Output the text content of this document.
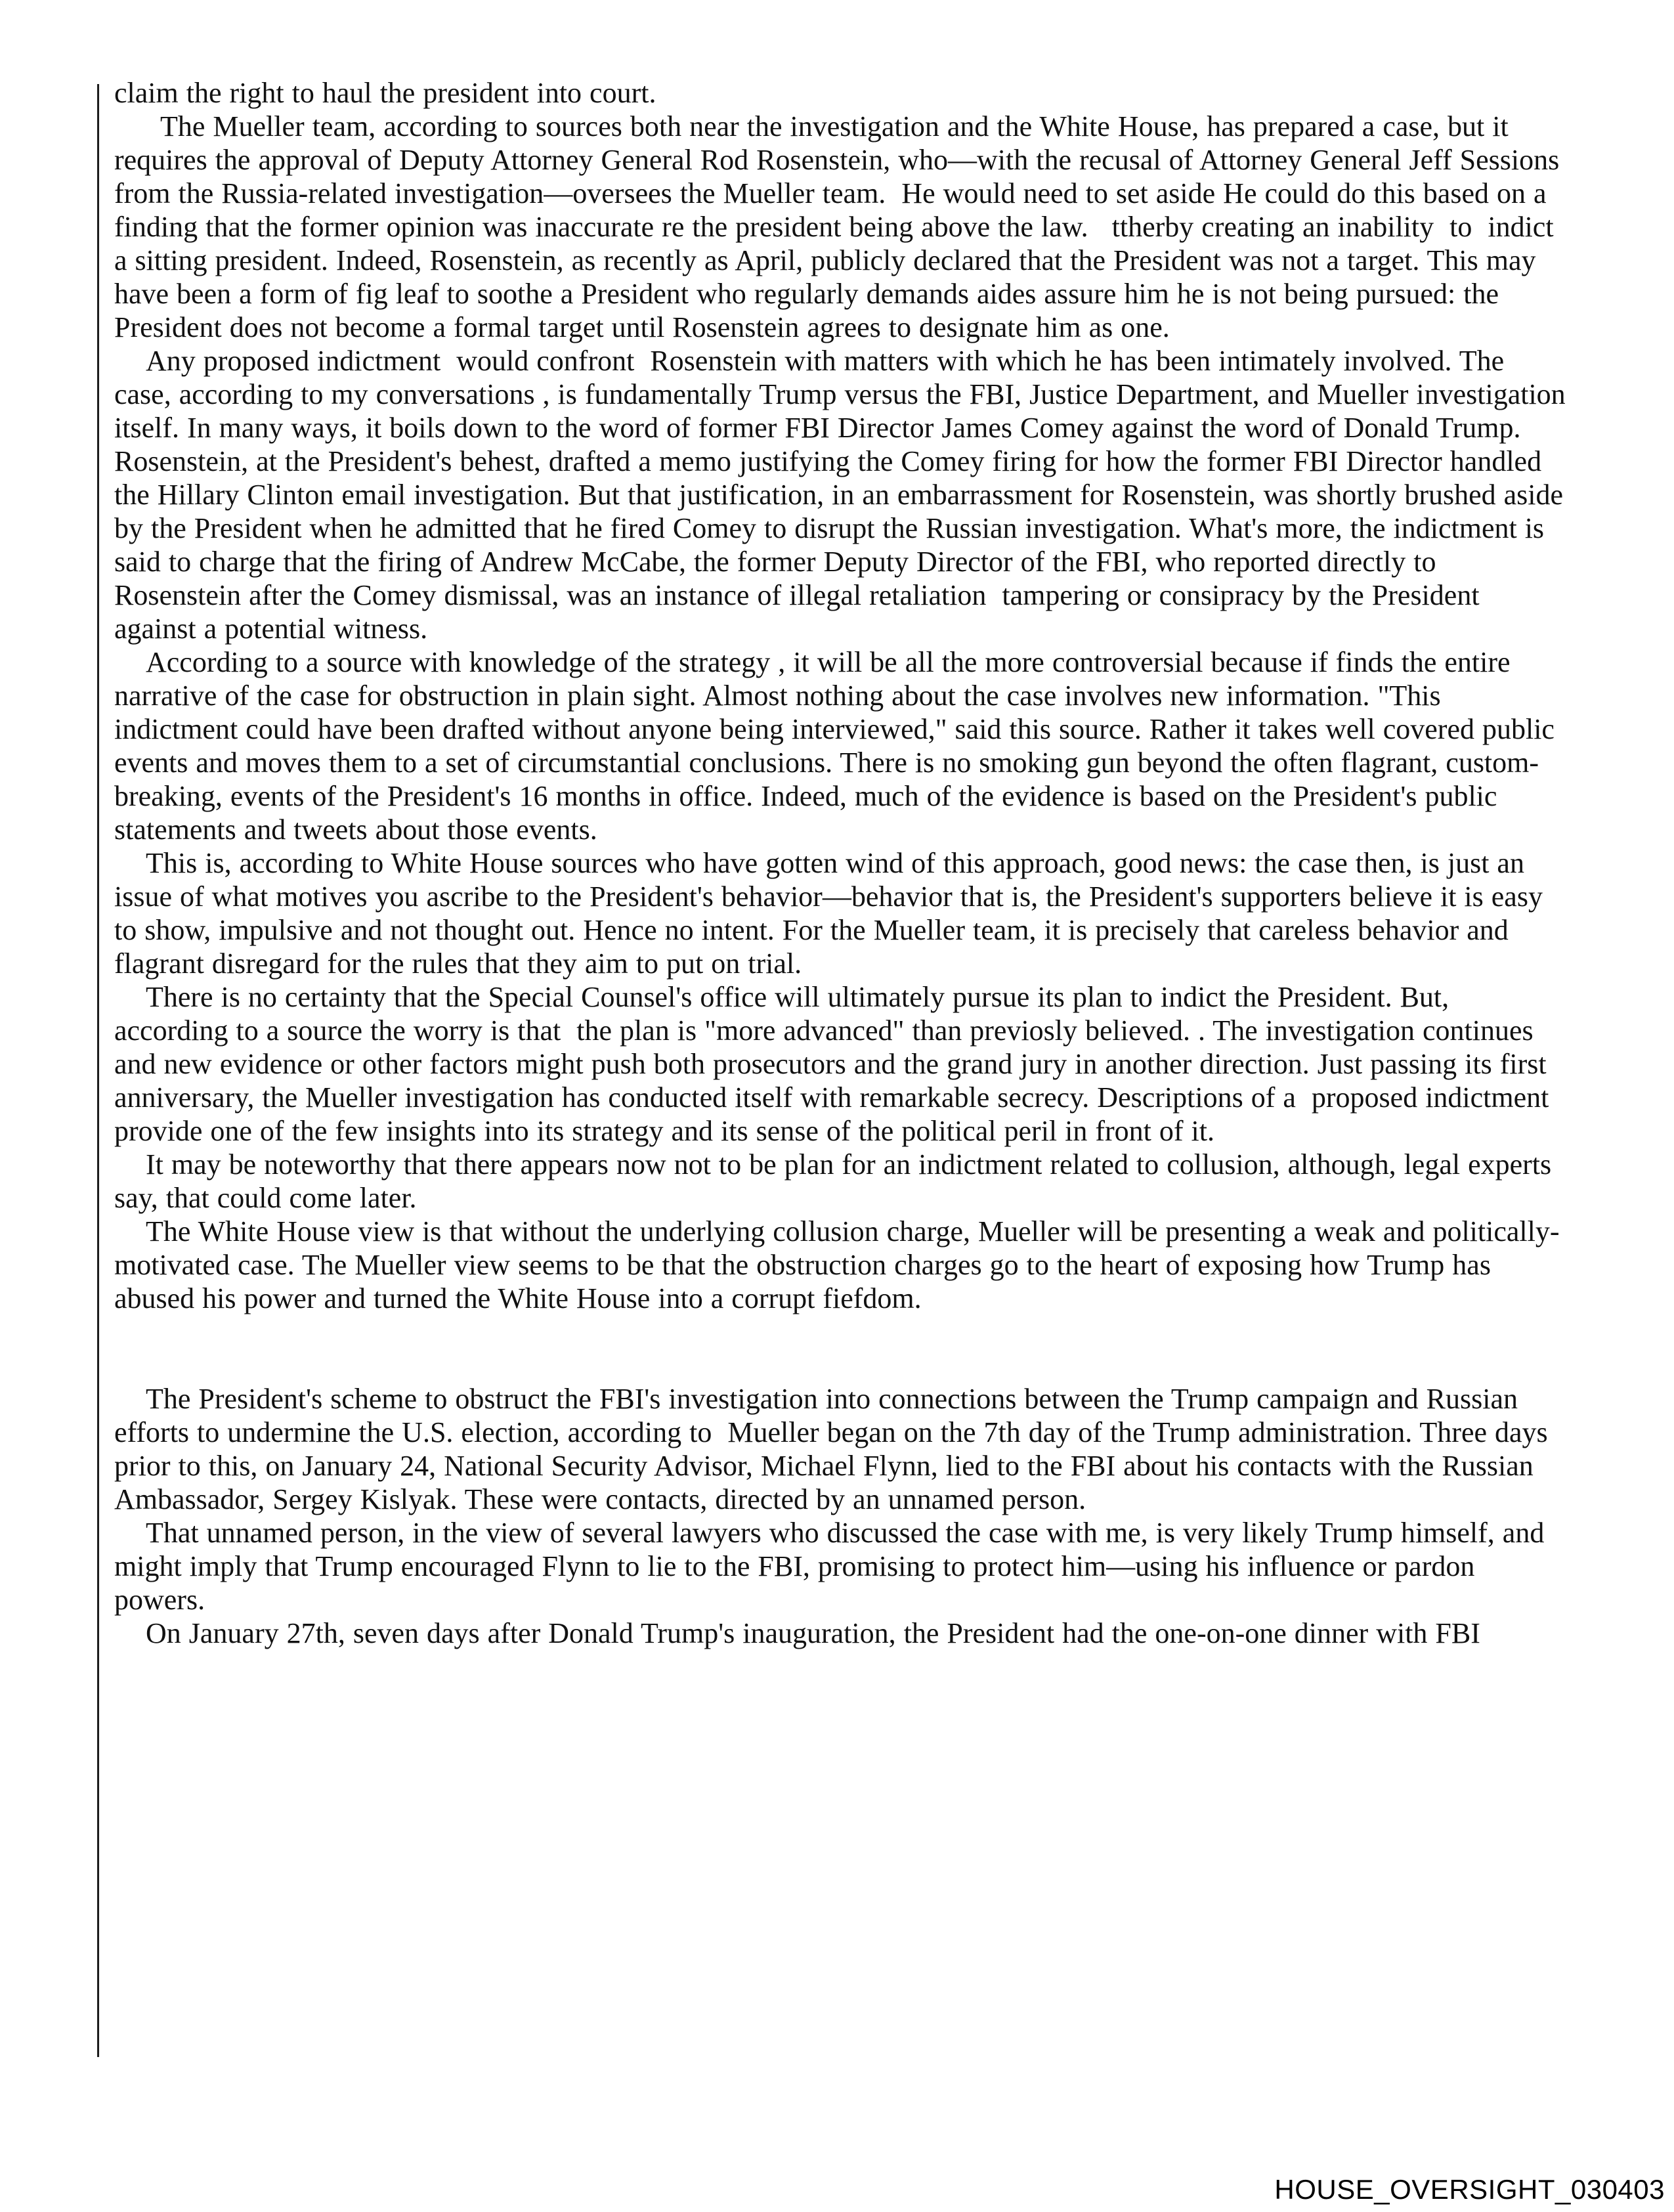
claim the right to haul the president into court.

The Mueller team, according to sources both near the investigation and the White House, has prepared a case, but it requires the approval of Deputy Attorney General Rod Rosenstein, who—with the recusal of Attorney General Jeff Sessions from the Russia-related investigation—oversees the Mueller team.  He would need to set aside He could do this based on a finding that the former opinion was inaccurate re the president being above the law.   ttherby creating an inability  to  indict a sitting president. Indeed, Rosenstein, as recently as April, publicly declared that the President was not a target. This may have been a form of fig leaf to soothe a President who regularly demands aides assure him he is not being pursued: the President does not become a formal target until Rosenstein agrees to designate him as one.

Any proposed indictment  would confront  Rosenstein with matters with which he has been intimately involved. The case, according to my conversations , is fundamentally Trump versus the FBI, Justice Department, and Mueller investigation itself. In many ways, it boils down to the word of former FBI Director James Comey against the word of Donald Trump. Rosenstein, at the President's behest, drafted a memo justifying the Comey firing for how the former FBI Director handled the Hillary Clinton email investigation. But that justification, in an embarrassment for Rosenstein, was shortly brushed aside by the President when he admitted that he fired Comey to disrupt the Russian investigation. What's more, the indictment is said to charge that the firing of Andrew McCabe, the former Deputy Director of the FBI, who reported directly to Rosenstein after the Comey dismissal, was an instance of illegal retaliation  tampering or consipracy by the President against a potential witness.

According to a source with knowledge of the strategy , it will be all the more controversial because if finds the entire narrative of the case for obstruction in plain sight. Almost nothing about the case involves new information. "This indictment could have been drafted without anyone being interviewed," said this source. Rather it takes well covered public events and moves them to a set of circumstantial conclusions. There is no smoking gun beyond the often flagrant, custom-breaking, events of the President's 16 months in office. Indeed, much of the evidence is based on the President's public statements and tweets about those events.

This is, according to White House sources who have gotten wind of this approach, good news: the case then, is just an issue of what motives you ascribe to the President's behavior—behavior that is, the President's supporters believe it is easy to show, impulsive and not thought out. Hence no intent. For the Mueller team, it is precisely that careless behavior and flagrant disregard for the rules that they aim to put on trial.

There is no certainty that the Special Counsel's office will ultimately pursue its plan to indict the President. But, according to a source the worry is that  the plan is "more advanced" than previosly believed. . The investigation continues and new evidence or other factors might push both prosecutors and the grand jury in another direction. Just passing its first anniversary, the Mueller investigation has conducted itself with remarkable secrecy. Descriptions of a  proposed indictment provide one of the few insights into its strategy and its sense of the political peril in front of it.

It may be noteworthy that there appears now not to be plan for an indictment related to collusion, although, legal experts say, that could come later.

The White House view is that without the underlying collusion charge, Mueller will be presenting a weak and politically-motivated case. The Mueller view seems to be that the obstruction charges go to the heart of exposing how Trump has abused his power and turned the White House into a corrupt fiefdom.

The President's scheme to obstruct the FBI's investigation into connections between the Trump campaign and Russian efforts to undermine the U.S. election, according to  Mueller began on the 7th day of the Trump administration. Three days prior to this, on January 24, National Security Advisor, Michael Flynn, lied to the FBI about his contacts with the Russian Ambassador, Sergey Kislyak. These were contacts, directed by an unnamed person.

That unnamed person, in the view of several lawyers who discussed the case with me, is very likely Trump himself, and might imply that Trump encouraged Flynn to lie to the FBI, promising to protect him—using his influence or pardon powers.

On January 27th, seven days after Donald Trump's inauguration, the President had the one-on-one dinner with FBI

HOUSE_OVERSIGHT_030403
